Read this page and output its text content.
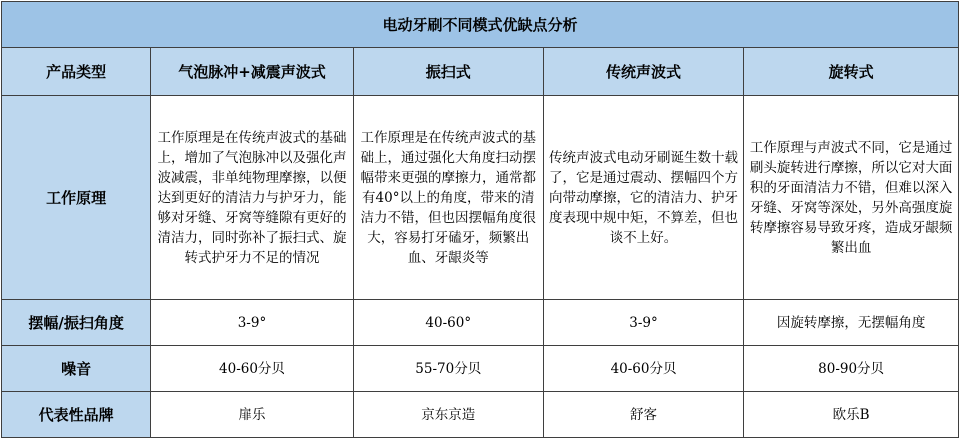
电动牙刷不同模式优缺点分析				
产品类型	气泡脉冲+减震声波式	振扫式	传统声波式	旋转式
工作原理	工作原理是在传统声波式的基础上，增加了气泡脉冲以及强化声波减震，非单纯物理摩擦，以便达到更好的清洁力与护牙力，能够对牙缝、牙窝等缝隙有更好的清洁力，同时弥补了振扫式、旋转式护牙力不足的情况	工作原理是在传统声波式的基础上，通过强化大角度扫动摆幅带来更强的摩擦力，通常都有40°以上的角度，带来的清洁力不错，但也因摆幅角度很大，容易打牙磕牙，频繁出血、牙龈炎等	传统声波式电动牙刷诞生数十载了，它是通过震动、摆幅四个方向带动摩擦，它的清洁力、护牙度表现中规中矩，不算差，但也谈不上好。	工作原理与声波式不同，它是通过刷头旋转进行摩擦，所以它对大面积的牙面清洁力不错，但难以深入牙缝、牙窝等深处，另外高强度旋转摩擦容易导致牙疼，造成牙龈频繁出血
摆幅/振扫角度	3-9°	40-60°	3-9°	因旋转摩擦，无摆幅角度
噪音	40-60分贝	55-70分贝	40-60分贝	80-90分贝
代表性品牌	扉乐	京东京造	舒客	欧乐B
